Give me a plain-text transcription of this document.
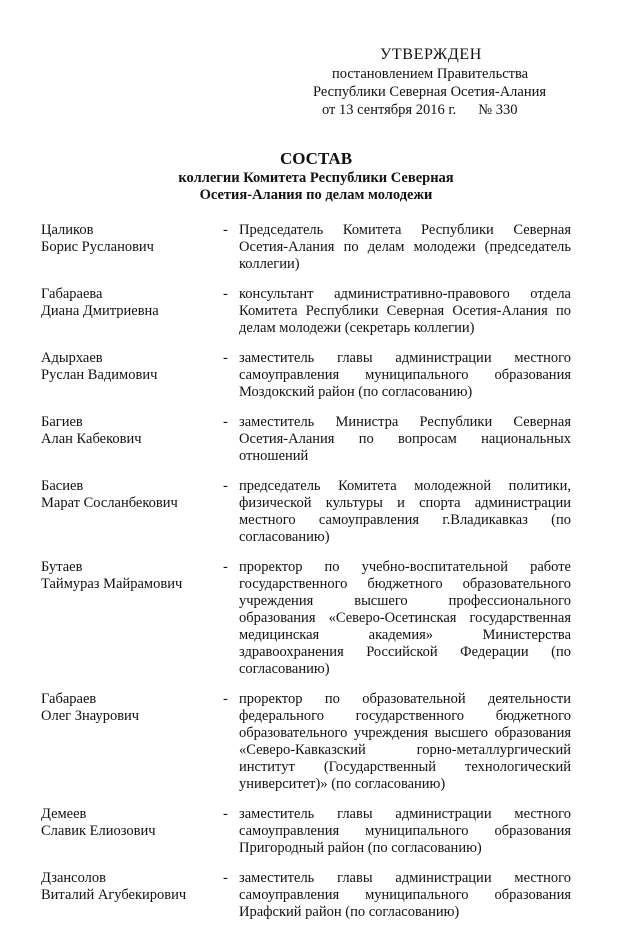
УТВЕРЖДЕН
постановлением Правительства
Республики Северная Осетия-Алания
от 13 сентября 2016 г. № 330
СОСТАВ
коллегии Комитета Республики Северная
Осетия-Алания по делам молодежи
Цаликов
Борис Русланович
- Председатель Комитета Республики Северная Осетия-Алания по делам молодежи (председатель коллегии)
Габараева
Диана Дмитриевна
- консультант административно-правового отдела Комитета Республики Северная Осетия-Алания по делам молодежи (секретарь коллегии)
Адырхаев
Руслан Вадимович
- заместитель главы администрации местного самоуправления муниципального образования Моздокский район (по согласованию)
Багиев
Алан Кабекович
- заместитель Министра Республики Северная Осетия-Алания по вопросам национальных отношений
Басиев
Марат Сосланбекович
- председатель Комитета молодежной политики, физической культуры и спорта администрации местного самоуправления г.Владикавказ (по согласованию)
Бутаев
Таймураз Майрамович
- проректор по учебно-воспитательной работе государственного бюджетного образовательного учреждения высшего профессионального образования «Северо-Осетинская государственная медицинская академия» Министерства здравоохранения Российской Федерации (по согласованию)
Габараев
Олег Знаурович
- проректор по образовательной деятельности федерального государственного бюджетного образовательного учреждения высшего образования «Северо-Кавказский горно-металлургический институт (Государственный технологический университет)» (по согласованию)
Демеев
Славик Елиозович
- заместитель главы администрации местного самоуправления муниципального образования Пригородный район (по согласованию)
Дзансолов
Виталий Агубекирович
- заместитель главы администрации местного самоуправления муниципального образования Ирафский район (по согласованию)
